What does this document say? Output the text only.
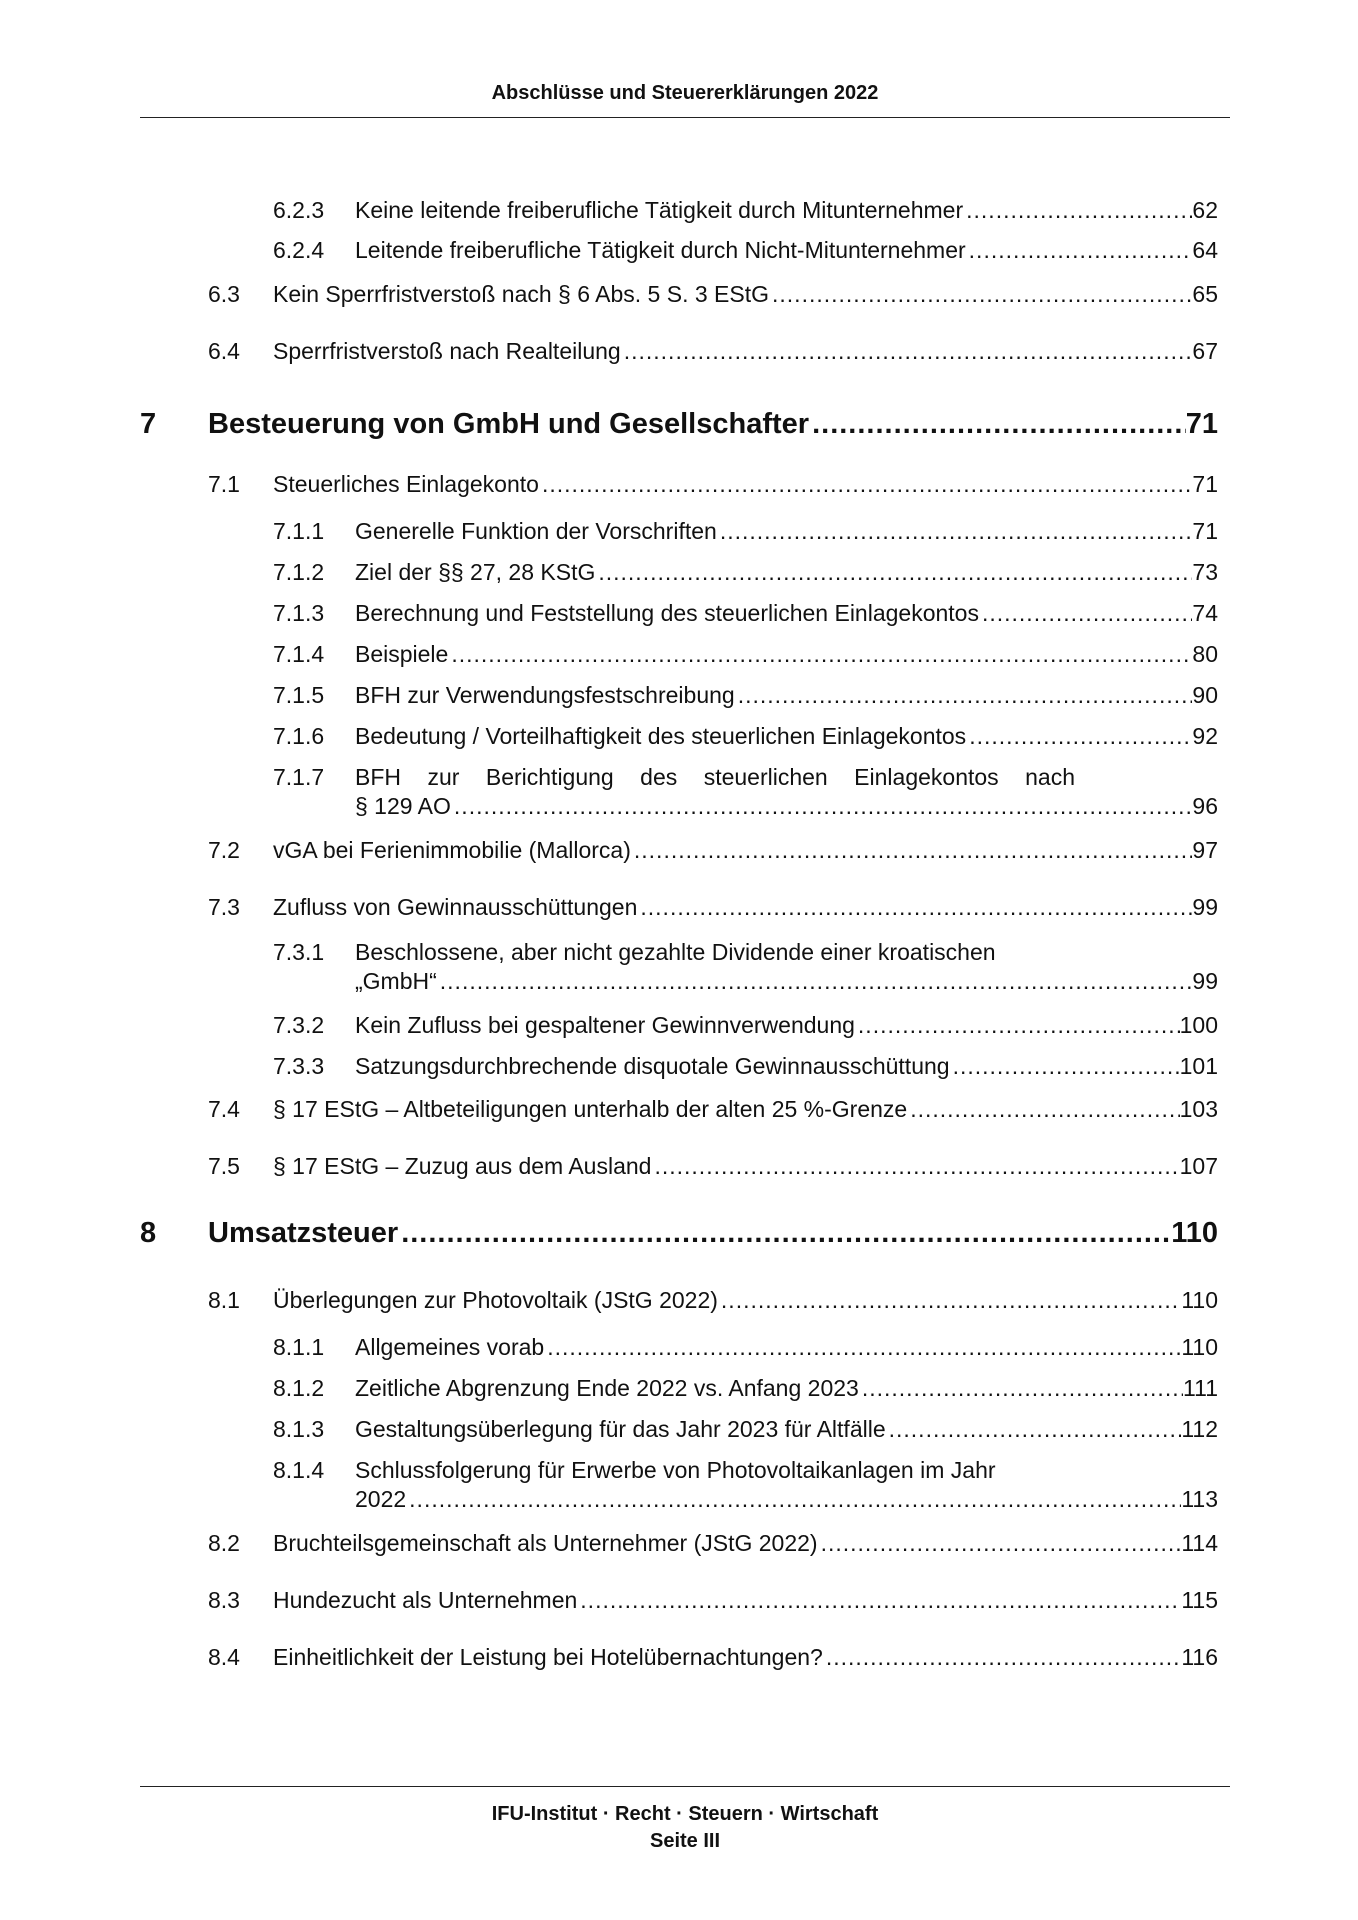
Abschlüsse und Steuererklärungen 2022
6.2.3 Keine leitende freiberufliche Tätigkeit durch Mitunternehmer .....	62
6.2.4 Leitende freiberufliche Tätigkeit durch Nicht-Mitunternehmer .....	64
6.3 Kein Sperrfristverstoß nach § 6 Abs. 5 S. 3 EStG .....	65
6.4 Sperrfristverstoß nach Realteilung .....	67
7 Besteuerung von GmbH und Gesellschafter .....	71
7.1 Steuerliches Einlagekonto .....	71
7.1.1 Generelle Funktion der Vorschriften .....	71
7.1.2 Ziel der §§ 27, 28 KStG .....	73
7.1.3 Berechnung und Feststellung des steuerlichen Einlagekontos .....	74
7.1.4 Beispiele .....	80
7.1.5 BFH zur Verwendungsfestschreibung .....	90
7.1.6 Bedeutung / Vorteilhaftigkeit des steuerlichen Einlagekontos .....	92
7.1.7 BFH zur Berichtigung des steuerlichen Einlagekontos nach
§ 129 AO .....	96
7.2 vGA bei Ferienimmobilie (Mallorca) .....	97
7.3 Zufluss von Gewinnausschüttungen .....	99
7.3.1 Beschlossene, aber nicht gezahlte Dividende einer kroatischen
„GmbH“ .....	99
7.3.2 Kein Zufluss bei gespaltener Gewinnverwendung .....	100
7.3.3 Satzungsdurchbrechende disquotale Gewinnausschüttung .....	101
7.4 § 17 EStG – Altbeteiligungen unterhalb der alten 25 %-Grenze .....	103
7.5 § 17 EStG – Zuzug aus dem Ausland .....	107
8 Umsatzsteuer .....	110
8.1 Überlegungen zur Photovoltaik (JStG 2022) .....	110
8.1.1 Allgemeines vorab .....	110
8.1.2 Zeitliche Abgrenzung Ende 2022 vs. Anfang 2023 .....	111
8.1.3 Gestaltungsüberlegung für das Jahr 2023 für Altfälle .....	112
8.1.4 Schlussfolgerung für Erwerbe von Photovoltaikanlagen im Jahr
2022 .....	113
8.2 Bruchteilsgemeinschaft als Unternehmer (JStG 2022) .....	114
8.3 Hundezucht als Unternehmen .....	115
8.4 Einheitlichkeit der Leistung bei Hotelübernachtungen? .....	116
IFU-Institut · Recht · Steuern · Wirtschaft
Seite III
